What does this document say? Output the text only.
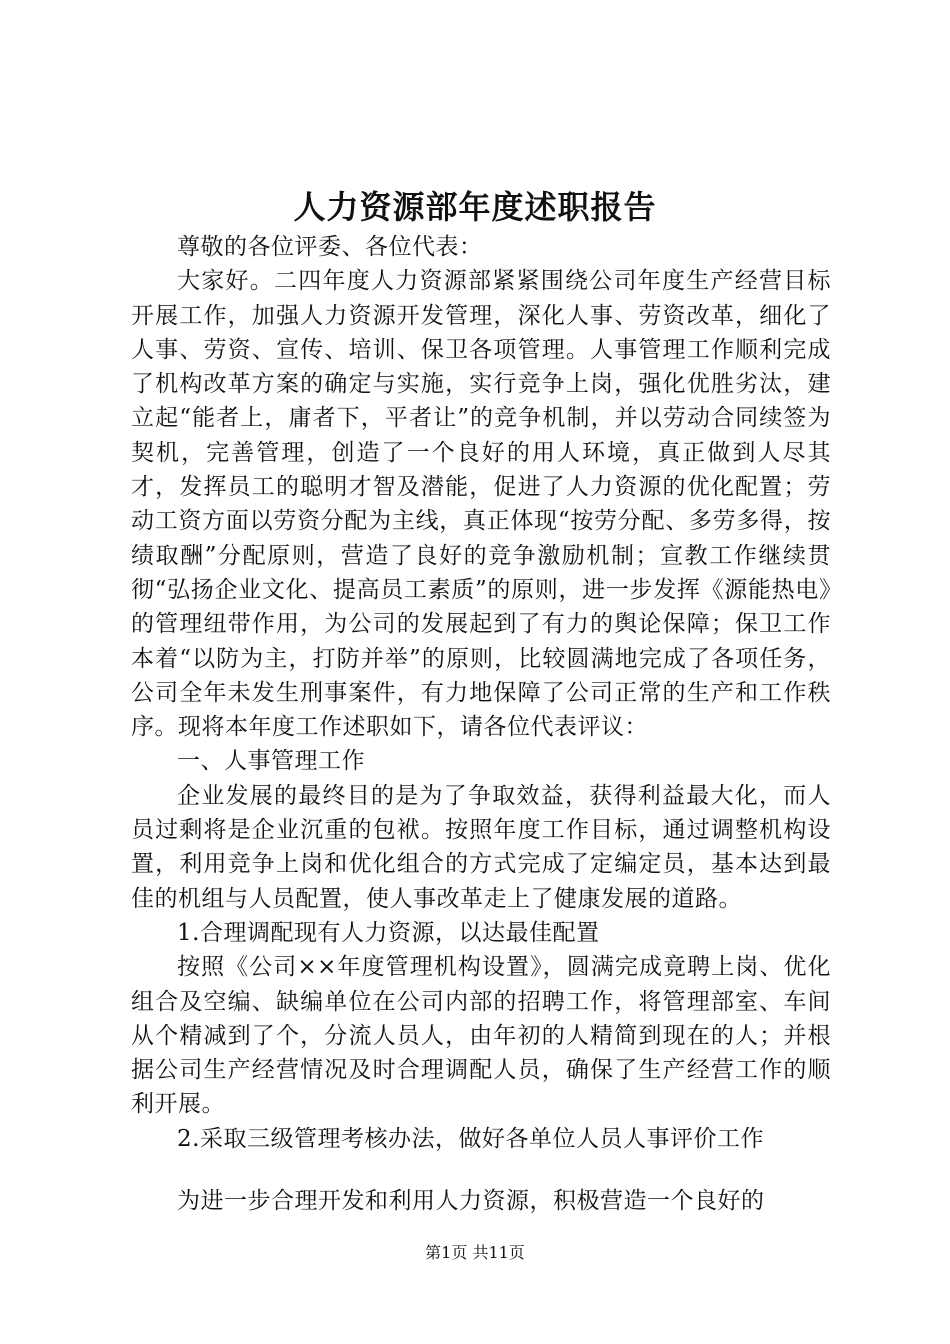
人力资源部年度述职报告

尊敬的各位评委、各位代表：

大家好。二四年度人力资源部紧紧围绕公司年度生产经营目标开展工作，加强人力资源开发管理，深化人事、劳资改革，细化了人事、劳资、宣传、培训、保卫各项管理。人事管理工作顺利完成了机构改革方案的确定与实施，实行竞争上岗，强化优胜劣汰，建立起“能者上，庸者下，平者让”的竞争机制，并以劳动合同续签为契机，完善管理，创造了一个良好的用人环境，真正做到人尽其才，发挥员工的聪明才智及潜能，促进了人力资源的优化配置；劳动工资方面以劳资分配为主线，真正体现“按劳分配、多劳多得，按绩取酬”分配原则，营造了良好的竞争激励机制；宣教工作继续贯彻“弘扬企业文化、提高员工素质”的原则，进一步发挥《源能热电》的管理纽带作用，为公司的发展起到了有力的舆论保障；保卫工作本着“以防为主，打防并举”的原则，比较圆满地完成了各项任务，公司全年未发生刑事案件，有力地保障了公司正常的生产和工作秩序。现将本年度工作述职如下，请各位代表评议：

一、人事管理工作

企业发展的最终目的是为了争取效益，获得利益最大化，而人员过剩将是企业沉重的包袱。按照年度工作目标，通过调整机构设置，利用竞争上岗和优化组合的方式完成了定编定员，基本达到最佳的机组与人员配置，使人事改革走上了健康发展的道路。

1.合理调配现有人力资源，以达最佳配置

按照《公司××年度管理机构设置》，圆满完成竟聘上岗、优化组合及空编、缺编单位在公司内部的招聘工作，将管理部室、车间从个精减到了个，分流人员人，由年初的人精简到现在的人；并根据公司生产经营情况及时合理调配人员，确保了生产经营工作的顺利开展。

2.采取三级管理考核办法，做好各单位人员人事评价工作

为进一步合理开发和利用人力资源，积极营造一个良好的

第1页 共11页
